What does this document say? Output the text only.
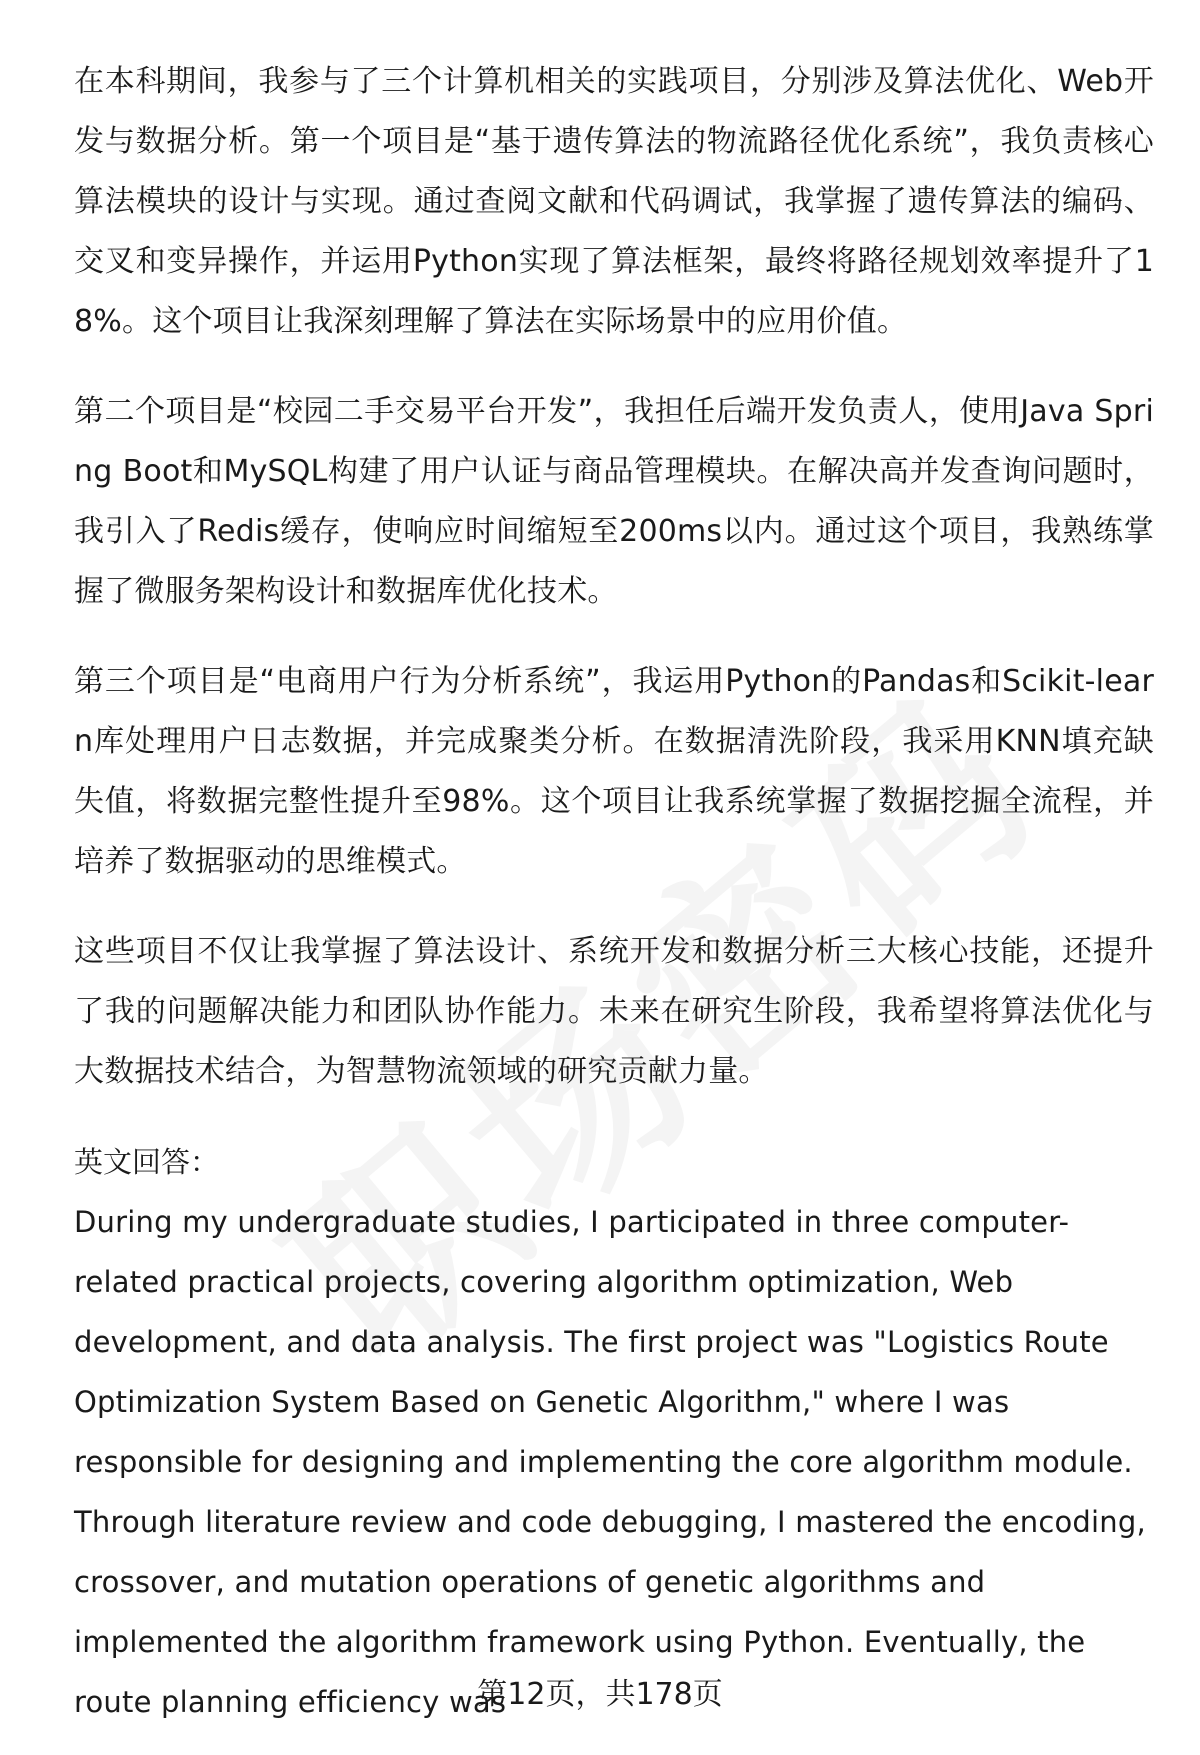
在本科期间，我参与了三个计算机相关的实践项目，分别涉及算法优化、Web开发与数据分析。第一个项目是“基于遗传算法的物流路径优化系统”，我负责核心算法模块的设计与实现。通过查阅文献和代码调试，我掌握了遗传算法的编码、交叉和变异操作，并运用Python实现了算法框架，最终将路径规划效率提升了18%。这个项目让我深刻理解了算法在实际场景中的应用价值。

第二个项目是“校园二手交易平台开发”，我担任后端开发负责人，使用Java Spring Boot和MySQL构建了用户认证与商品管理模块。在解决高并发查询问题时，我引入了Redis缓存，使响应时间缩短至200ms以内。通过这个项目，我熟练掌握了微服务架构设计和数据库优化技术。

第三个项目是“电商用户行为分析系统”，我运用Python的Pandas和Scikit-learn库处理用户日志数据，并完成聚类分析。在数据清洗阶段，我采用KNN填充缺失值，将数据完整性提升至98%。这个项目让我系统掌握了数据挖掘全流程，并培养了数据驱动的思维模式。

这些项目不仅让我掌握了算法设计、系统开发和数据分析三大核心技能，还提升了我的问题解决能力和团队协作能力。未来在研究生阶段，我希望将算法优化与大数据技术结合，为智慧物流领域的研究贡献力量。

英文回答：

During my undergraduate studies, I participated in three computer-related practical projects, covering algorithm optimization, Web development, and data analysis. The first project was "Logistics Route Optimization System Based on Genetic Algorithm," where I was responsible for designing and implementing the core algorithm module. Through literature review and code debugging, I mastered the encoding, crossover, and mutation operations of genetic algorithms and implemented the algorithm framework using Python. Eventually, the route planning efficiency was

第12页，共178页
